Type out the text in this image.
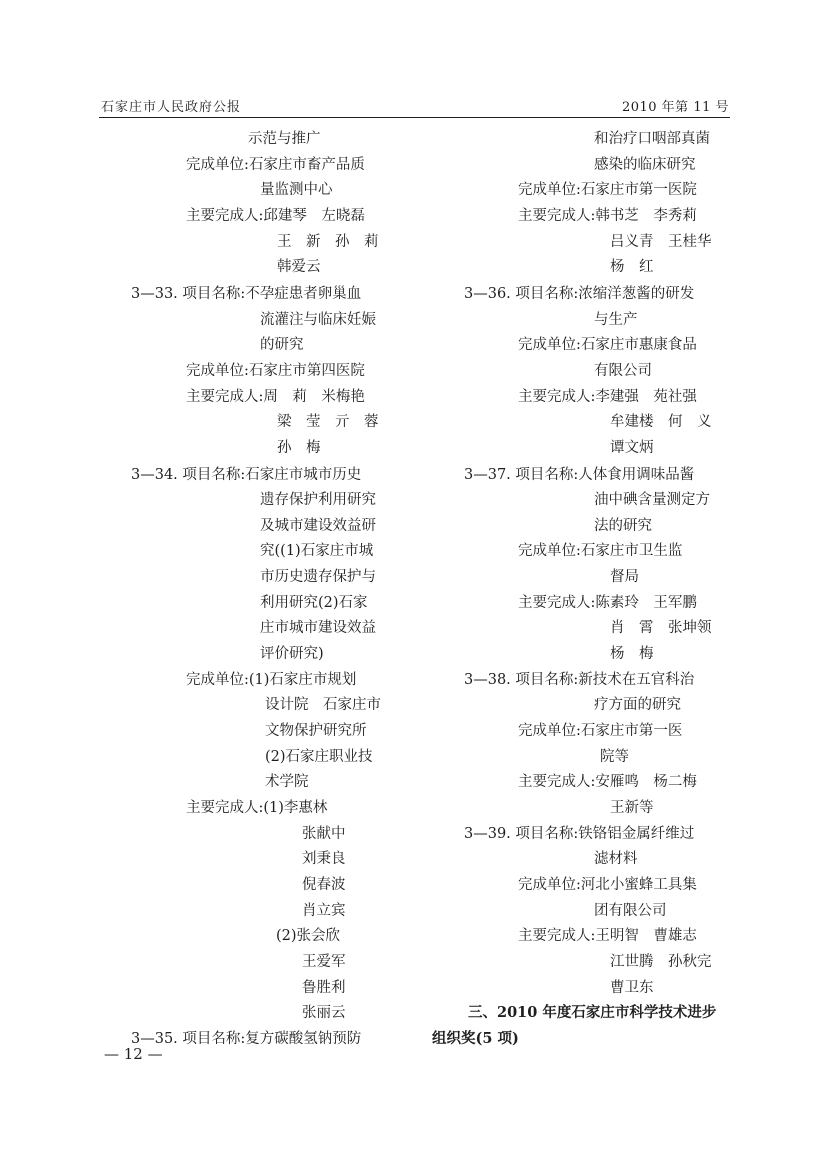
石家庄市人民政府公报	2010 年第 11 号
示范与推广
完成单位:石家庄市畜产品质
量监测中心
主要完成人:邱建琴　左晓磊
王　新　孙　莉
韩爱云
3—33. 项目名称:不孕症患者卵巢血
流灌注与临床妊娠
的研究
完成单位:石家庄市第四医院
主要完成人:周　莉　米梅艳
梁　莹　亓　蓉
孙　梅
3—34. 项目名称:石家庄市城市历史
遗存保护利用研究
及城市建设效益研
究((1)石家庄市城
市历史遗存保护与
利用研究(2)石家
庄市城市建设效益
评价研究)
完成单位:(1)石家庄市规划
设计院　石家庄市
文物保护研究所
(2)石家庄职业技
术学院
主要完成人:(1)李惠林
张献中
刘秉良
倪春波
肖立宾
(2)张会欣
王爱军
鲁胜利
张丽云
3—35. 项目名称:复方碳酸氢钠预防
和治疗口咽部真菌
感染的临床研究
完成单位:石家庄市第一医院
主要完成人:韩书芝　李秀莉
吕义青　王桂华
杨　红
3—36. 项目名称:浓缩洋葱酱的研发
与生产
完成单位:石家庄市惠康食品
有限公司
主要完成人:李建强　苑社强
牟建楼　何　义
谭文炳
3—37. 项目名称:人体食用调味品酱
油中碘含量测定方
法的研究
完成单位:石家庄市卫生监
督局
主要完成人:陈素玲　王军鹏
肖　霄　张坤领
杨　梅
3—38. 项目名称:新技术在五官科治
疗方面的研究
完成单位:石家庄市第一医
院等
主要完成人:安雁鸣　杨二梅
王新等
3—39. 项目名称:铁铬铝金属纤维过
滤材料
完成单位:河北小蜜蜂工具集
团有限公司
主要完成人:王明智　曹雄志
江世腾　孙秋完
曹卫东
三、2010 年度石家庄市科学技术进步
组织奖(5 项)
— 12 —
